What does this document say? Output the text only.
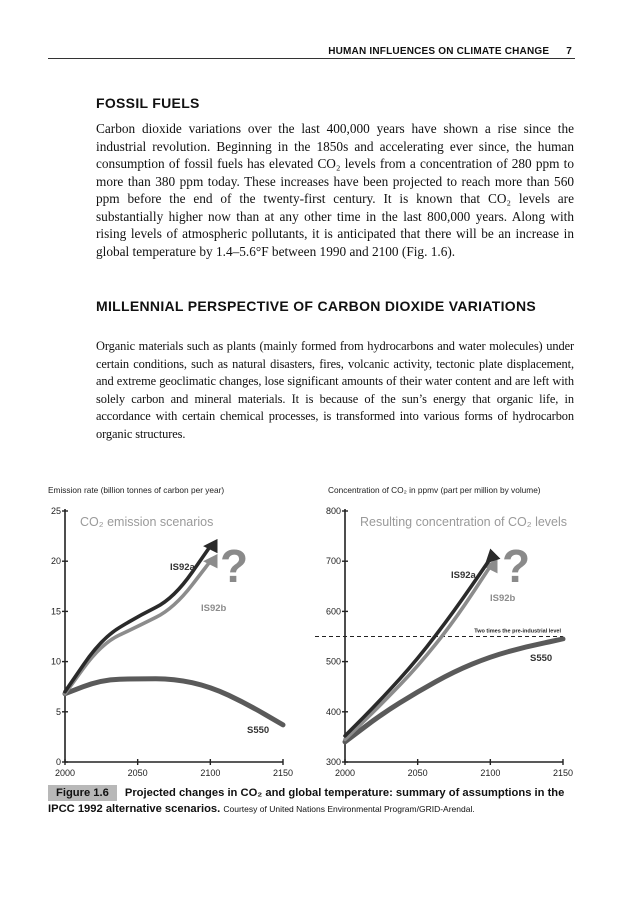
HUMAN INFLUENCES ON CLIMATE CHANGE 7
FOSSIL FUELS

Carbon dioxide variations over the last 400,000 years have shown a rise since the industrial revolution. Beginning in the 1850s and accelerating ever since, the human consumption of fossil fuels has elevated CO₂ levels from a concentration of 280 ppm to more than 380 ppm today. These increases have been projected to reach more than 560 ppm before the end of the twenty-first century. It is known that CO₂ levels are substantially higher now than at any other time in the last 800,000 years. Along with rising levels of atmospheric pollutants, it is anticipated that there will be an increase in global temperature by 1.4–5.6°F between 1990 and 2100 (Fig. 1.6).

MILLENNIAL PERSPECTIVE OF CARBON DIOXIDE VARIATIONS

Organic materials such as plants (mainly formed from hydrocarbons and water molecules) under certain conditions, such as natural disasters, fires, volcanic activity, tectonic plate displacement, and extreme geoclimatic changes, lose significant amounts of their water content and are left with solely carbon and mineral materials. It is because of the sun’s energy that organic life, in accordance with certain chemical processes, is transformed into various forms of hydrocarbon organic structures.

Emission rate (billion tonnes of carbon per year)
0
5
10
15
20
25
2000	2050	2100	2150
CO₂ emission scenarios
?
S550
IS92b
IS92a
Concentration of CO₂ in ppmv (part per million by volume)
300
400
500
600
700
800
2000	2050	2100	2150
Resulting concentration of CO₂ levels
Two times the pre-industrial level
?
S550
IS92b
IS92a
Figure 1.6 Projected changes in CO₂ and global temperature: summary of assumptions in the IPCC 1992 alternative scenarios. Courtesy of United Nations Environmental Program/GRID-Arendal.
